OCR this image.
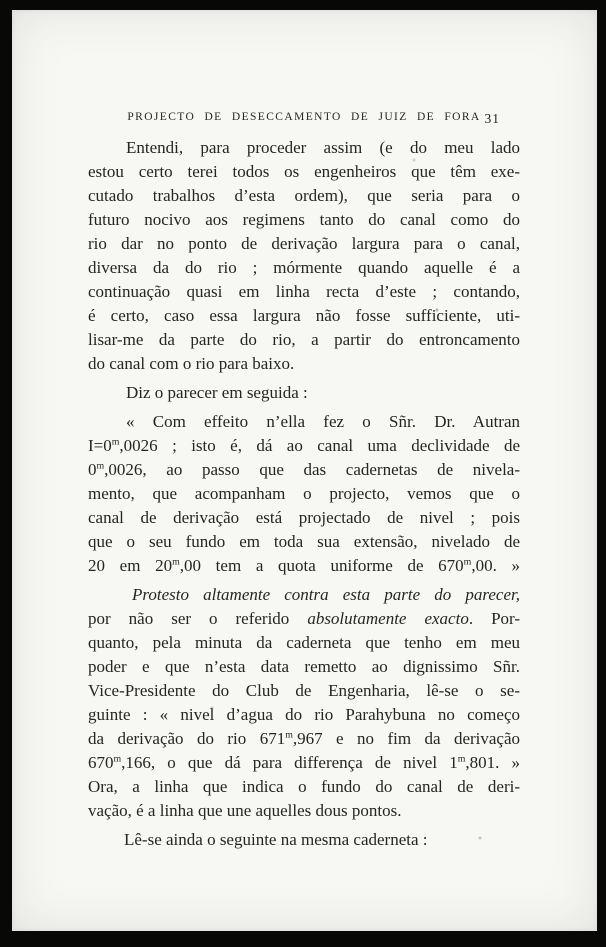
PROJECTO DE DESECCAMENTO DE JUIZ DE FORA 31
Entendi, para proceder assim (e do meu lado
estou certo terei todos os engenheiros que têm exe-
cutado trabalhos d’esta ordem), que seria para o
futuro nocivo aos regimens tanto do canal como do
rio dar no ponto de derivação largura para o canal,
diversa da do rio ; mórmente quando aquelle é a
continuação quasi em linha recta d’este ; contando,
é certo, caso essa largura não fosse sufficiente, uti-
lisar-me da parte do rio, a partir do entroncamento
do canal com o rio para baixo.
Diz o parecer em seguida :
« Com effeito n’ella fez o Sñr. Dr. Autran
$I=0^m,0026$ ; isto é, dá ao canal uma declividade de
0$^m$,0026, ao passo que das cadernetas de nivela-
mento, que acompanham o projecto, vemos que o
canal de derivação está projectado de nivel ; pois
que o seu fundo em toda sua extensão, nivelado de
20 em 20$^m$,00 tem a quota uniforme de 670$^m$,00. »
Protesto altamente contra esta parte do parecer,
por não ser o referido absolutamente exacto. Por-
quanto, pela minuta da caderneta que tenho em meu
poder e que n’esta data remetto ao dignissimo Sñr.
Vice-Presidente do Club de Engenharia, lê-se o se-
guinte : « nivel d’agua do rio Parahybuna no começo
da derivação do rio 671$^m$,967 e no fim da derivação
670$^m$,166, o que dá para differença de nivel 1$^m$,801. »
Ora, a linha que indica o fundo do canal de deri-
vação, é a linha que une aquelles dous pontos.
Lê-se ainda o seguinte na mesma caderneta :
